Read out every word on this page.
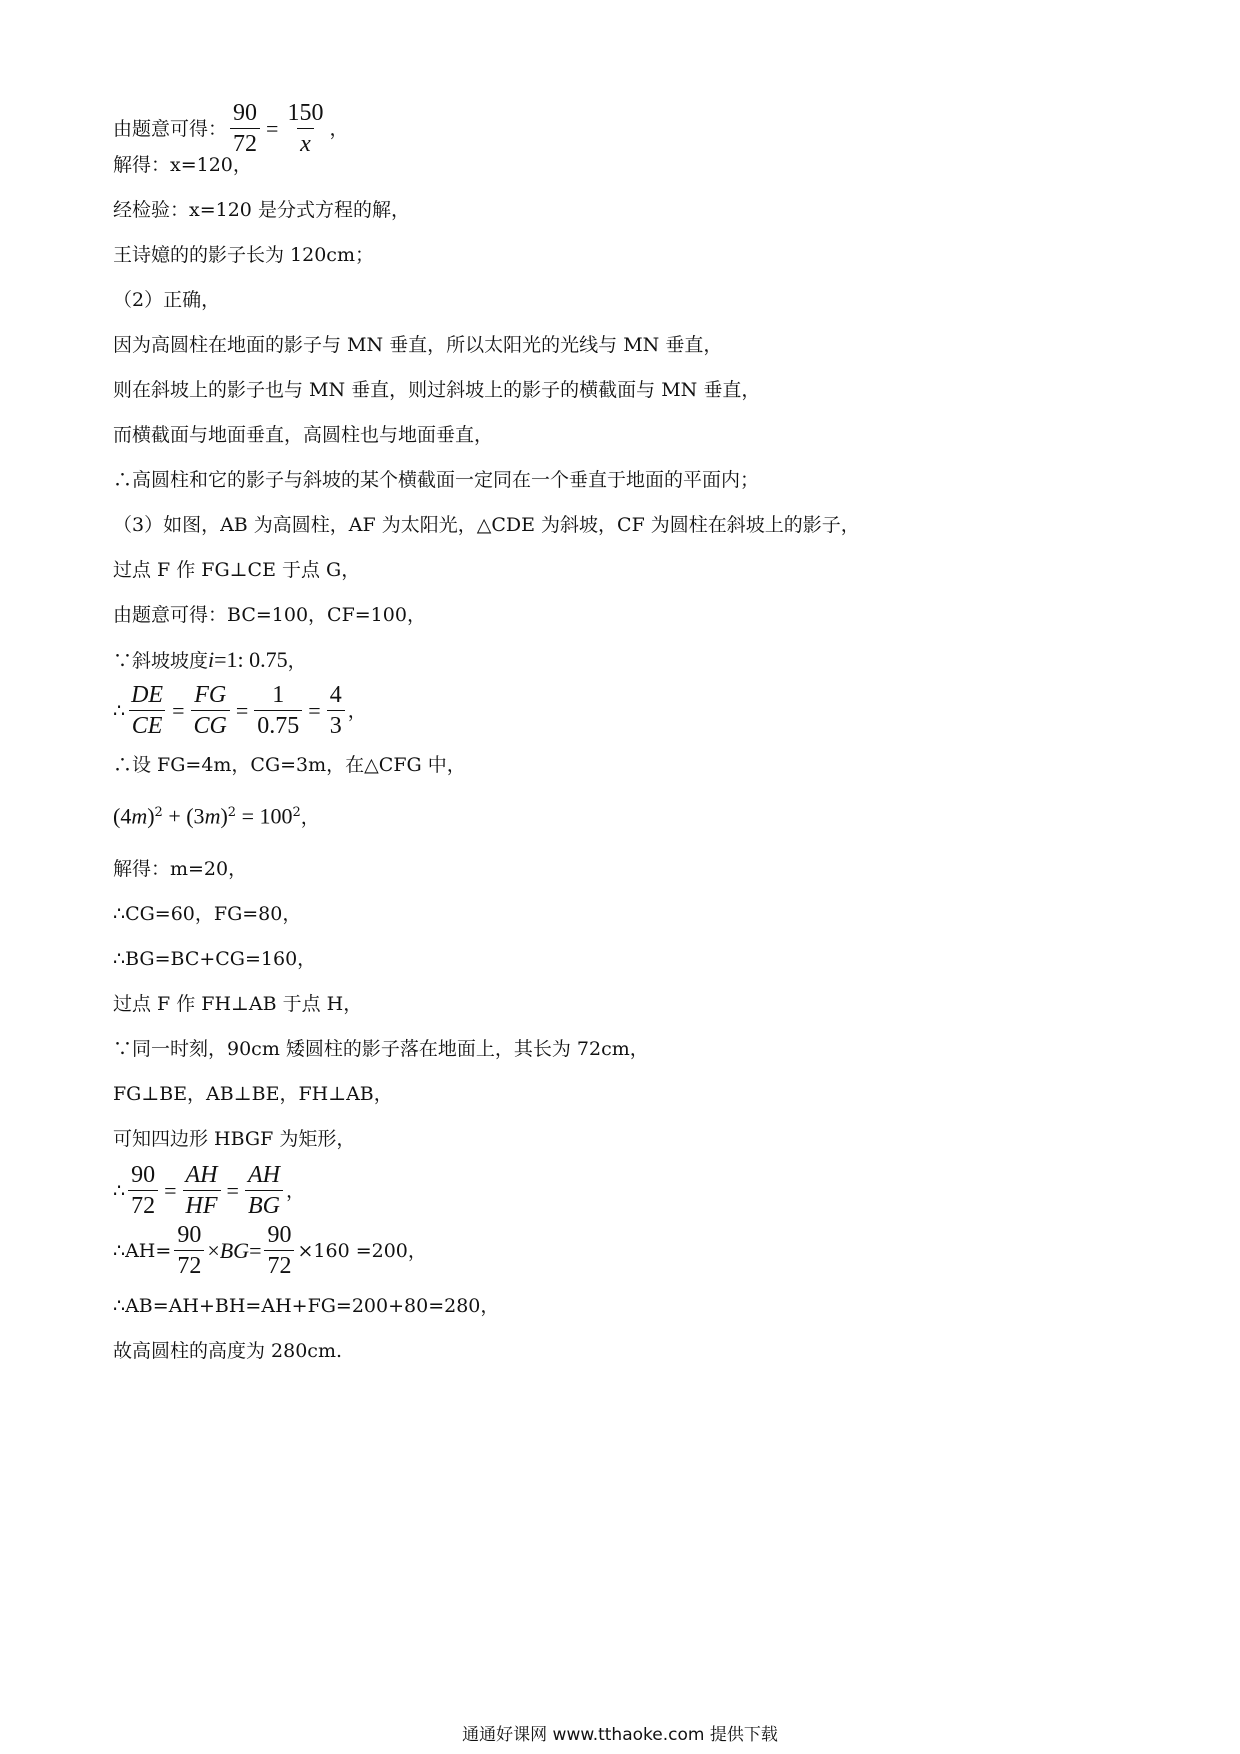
由题意可得： $\frac{90}{72} = \frac{150}{x}$ ，
解得：x=120，
经检验：x=120 是分式方程的解，
王诗嬑的的影子长为 120cm；
（2）正确，
因为高圆柱在地面的影子与 MN 垂直，所以太阳光的光线与 MN 垂直，
则在斜坡上的影子也与 MN 垂直，则过斜坡上的影子的横截面与 MN 垂直，
而横截面与地面垂直，高圆柱也与地面垂直，
∴高圆柱和它的影子与斜坡的某个横截面一定同在一个垂直于地面的平面内；
（3）如图，AB 为高圆柱，AF 为太阳光，△CDE 为斜坡，CF 为圆柱在斜坡上的影子，
过点 F 作 FG⊥CE 于点 G，
由题意可得：BC=100，CF=100，
∵斜坡坡度i=1: 0.75，
∴ $\frac{DE}{CE} = \frac{FG}{CG} = \frac{1}{0.75} = \frac{4}{3}$ ，
∴设 FG=4m，CG=3m，在△CFG 中，
$(4m)^2 + (3m)^2 = 100^2$，
解得：m=20，
∴CG=60，FG=80，
∴BG=BC+CG=160，
过点 F 作 FH⊥AB 于点 H，
∵同一时刻，90cm 矮圆柱的影子落在地面上，其长为 72cm，
FG⊥BE，AB⊥BE，FH⊥AB，
可知四边形 HBGF 为矩形，
∴ $\frac{90}{72} = \frac{AH}{HF} = \frac{AH}{BG}$ ，
∴AH= $\frac{90}{72}$ × BG = $\frac{90}{72} \times 160 =200$，
∴AB=AH+BH=AH+FG=200+80=280，
故高圆柱的高度为 280cm.
通通好课网 www.tthaoke.com 提供下载
